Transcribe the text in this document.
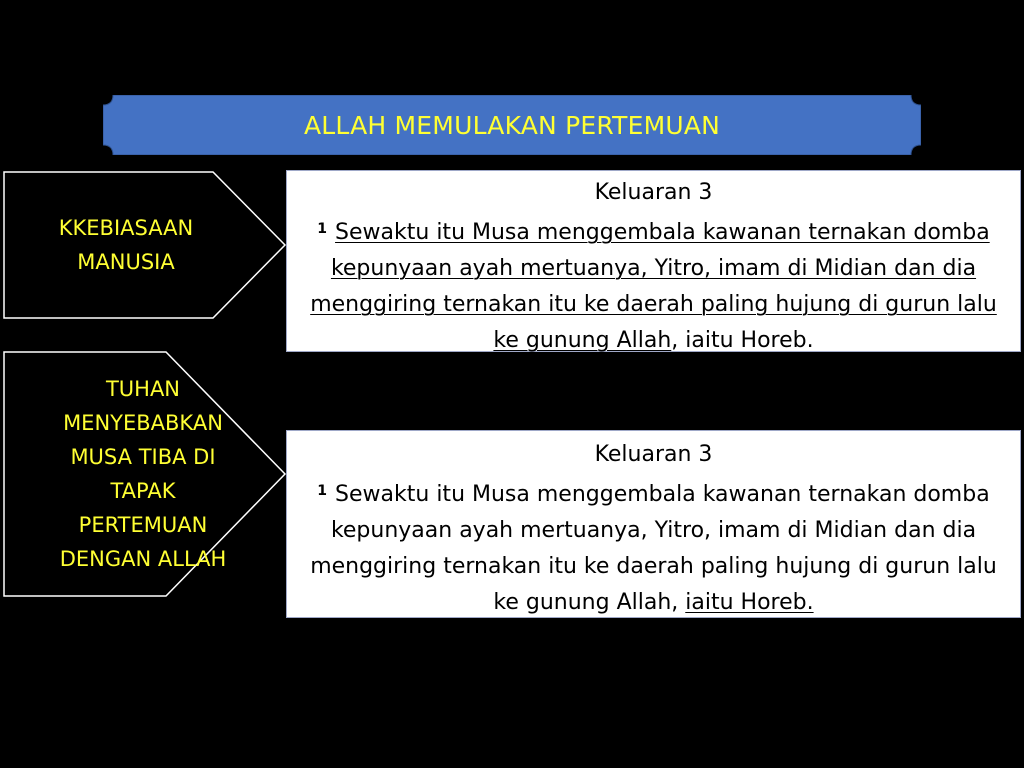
ALLAH MEMULAKAN PERTEMUAN
KKEBIASAAN
MANUSIA
TUHAN
MENYEBABKAN
MUSA TIBA DI
TAPAK
PERTEMUAN
DENGAN ALLAH
Keluaran 3
$^1$ Sewaktu itu Musa menggembala kawanan ternakan domba kepunyaan ayah mertuanya, Yitro, imam di Midian dan dia menggiring ternakan itu ke daerah paling hujung di gurun lalu ke gunung Allah, iaitu Horeb.
Keluaran 3
$^1$ Sewaktu itu Musa menggembala kawanan ternakan domba kepunyaan ayah mertuanya, Yitro, imam di Midian dan dia menggiring ternakan itu ke daerah paling hujung di gurun lalu ke gunung Allah, iaitu Horeb.
